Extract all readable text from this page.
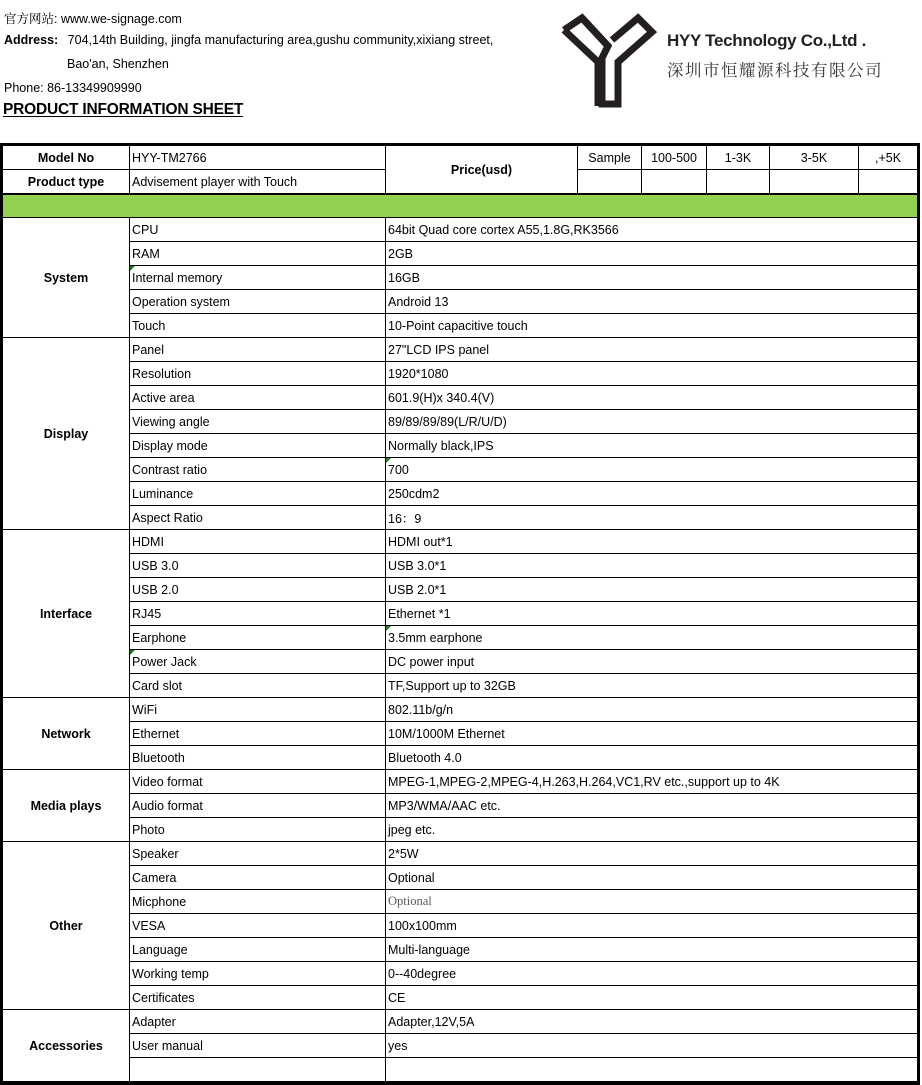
官方网站: www.we-signage.com
Address: 704,14th Building, jingfa manufacturing area,gushu community,xixiang street,
Bao'an, Shenzhen
Phone: 86-13349909990
PRODUCT INFORMATION SHEET
HYY Technology Co.,Ltd .
深圳市恒耀源科技有限公司
Model No	HYY-TM2766	Price(usd)	Sample	100-500	1-3K	3-5K	,+5K
Product type	Advisement player with Touch						

System	CPU	64bit Quad core cortex A55,1.8G,RK3566					
	RAM	2GB					
	Internal memory	16GB					
	Operation system	Android 13					
	Touch	10-Point capacitive touch					
Display	Panel	27"LCD IPS panel					
	Resolution	1920*1080					
	Active area	601.9(H)x 340.4(V)					
	Viewing angle	89/89/89/89(L/R/U/D)					
	Display mode	Normally black,IPS					
	Contrast ratio	700					
	Luminance	250cdm2					
	Aspect Ratio	16：9					
Interface	HDMI	HDMI out*1					
	USB 3.0	USB 3.0*1					
	USB 2.0	USB 2.0*1					
	RJ45	Ethernet *1					
	Earphone	3.5mm earphone					
	Power Jack	DC power input					
	Card slot	TF,Support up to 32GB					
Network	WiFi	802.11b/g/n					
	Ethernet	10M/1000M Ethernet					
	Bluetooth	Bluetooth 4.0					
Media plays	Video format	MPEG-1,MPEG-2,MPEG-4,H.263,H.264,VC1,RV etc.,support up to 4K					
	Audio format	MP3/WMA/AAC etc.					
	Photo	jpeg etc.					
Other	Speaker	2*5W					
	Camera	Optional					
	Micphone	Optional					
	VESA	100x100mm					
	Language	Multi-language					
	Working temp	0--40degree					
	Certificates	CE					
Accessories	Adapter	Adapter,12V,5A					
	User manual	yes					
